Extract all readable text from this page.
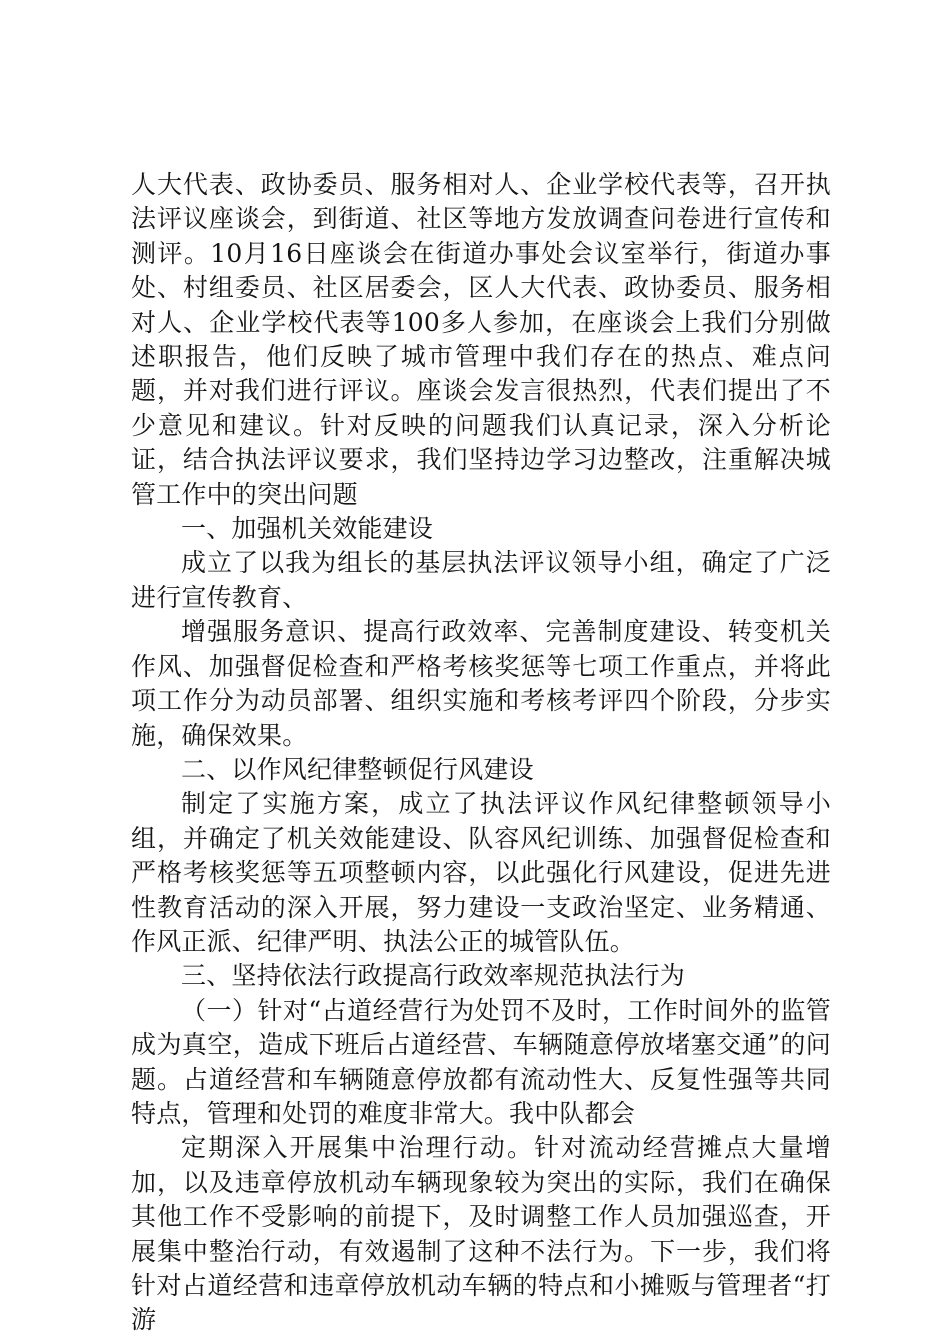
人大代表、政协委员、服务相对人、企业学校代表等，召开执法评议座谈会，到街道、社区等地方发放调查问卷进行宣传和测评。10月16日座谈会在街道办事处会议室举行，街道办事处、村组委员、社区居委会，区人大代表、政协委员、服务相对人、企业学校代表等100多人参加，在座谈会上我们分别做述职报告，他们反映了城市管理中我们存在的热点、难点问题，并对我们进行评议。座谈会发言很热烈，代表们提出了不少意见和建议。针对反映的问题我们认真记录，深入分析论证，结合执法评议要求，我们坚持边学习边整改，注重解决城管工作中的突出问题

一、加强机关效能建设

成立了以我为组长的基层执法评议领导小组，确定了广泛进行宣传教育、

增强服务意识、提高行政效率、完善制度建设、转变机关作风、加强督促检查和严格考核奖惩等七项工作重点，并将此项工作分为动员部署、组织实施和考核考评四个阶段，分步实施，确保效果。

二、以作风纪律整顿促行风建设

制定了实施方案，成立了执法评议作风纪律整顿领导小组，并确定了机关效能建设、队容风纪训练、加强督促检查和严格考核奖惩等五项整顿内容，以此强化行风建设，促进先进性教育活动的深入开展，努力建设一支政治坚定、业务精通、作风正派、纪律严明、执法公正的城管队伍。

三、坚持依法行政提高行政效率规范执法行为

（一）针对“占道经营行为处罚不及时，工作时间外的监管成为真空，造成下班后占道经营、车辆随意停放堵塞交通”的问题。占道经营和车辆随意停放都有流动性大、反复性强等共同特点，管理和处罚的难度非常大。我中队都会

定期深入开展集中治理行动。针对流动经营摊点大量增加，以及违章停放机动车辆现象较为突出的实际，我们在确保其他工作不受影响的前提下，及时调整工作人员加强巡查，开展集中整治行动，有效遏制了这种不法行为。下一步，我们将针对占道经营和违章停放机动车辆的特点和小摊贩与管理者“打游
